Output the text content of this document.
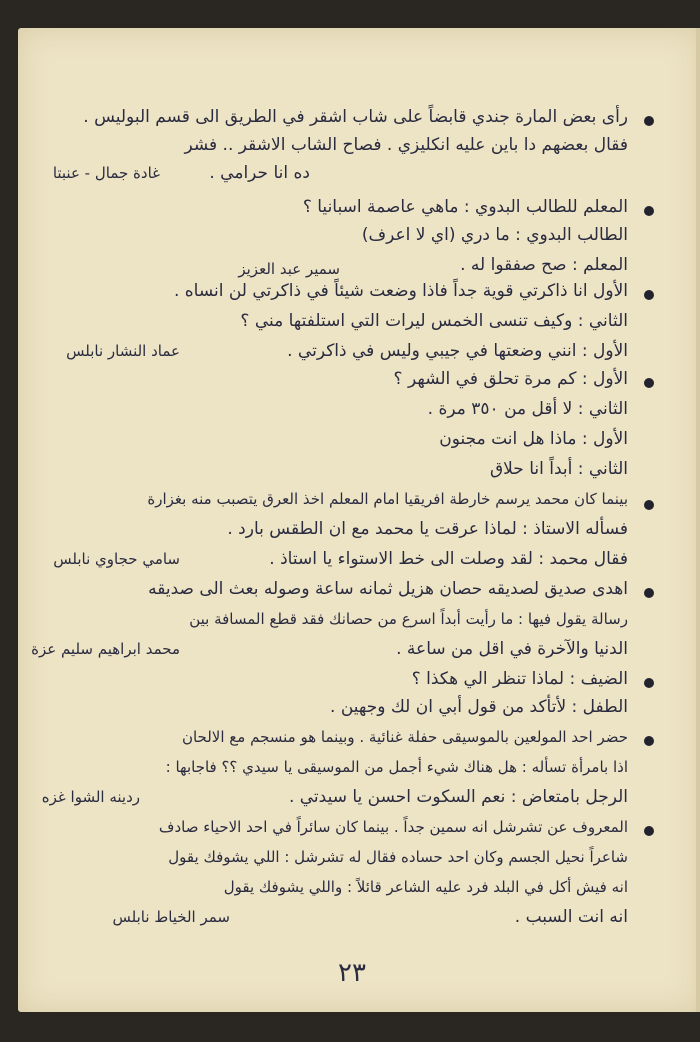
رأى بعض المارة جندي قابضاً على شاب اشقر في الطريق الى قسم البوليس .
فقال بعضهم دا باين عليه انكليزي . فصاح الشاب الاشقر .. فشر
ده انا حرامي .
غادة جمال - عنبتا
المعلم للطالب البدوي : ماهي عاصمة اسبانيا ؟
الطالب البدوي : ما دري (اي لا اعرف)
المعلم : صح صفقوا له .
سمير عبد العزيز
الأول انا ذاكرتي قوية جداً فاذا وضعت شيئاً في ذاكرتي لن انساه .
الثاني : وكيف تنسى الخمس ليرات التي استلفتها مني ؟
الأول : انني وضعتها في جيبي وليس في ذاكرتي .
عماد النشار نابلس
الأول : كم مرة تحلق في الشهر ؟
الثاني : لا أقل من ٣٥٠ مرة .
الأول : ماذا هل انت مجنون
الثاني : أبداً انا حلاق
بينما كان محمد يرسم خارطة افريقيا امام المعلم اخذ العرق يتصبب منه بغزارة
فسأله الاستاذ : لماذا عرقت يا محمد مع ان الطقس بارد .
فقال محمد : لقد وصلت الى خط الاستواء يا استاذ .
سامي حجاوي نابلس
اهدى صديق لصديقه حصان هزيل ثمانه ساعة وصوله بعث الى صديقه
رسالة يقول فيها : ما رأيت أبداً اسرع من حصانك فقد قطع المسافة بين
الدنيا والآخرة في اقل من ساعة .
محمد ابراهيم سليم عزة
الضيف : لماذا تنظر الي هكذا ؟
الطفل : لأتأكد من قول أبي ان لك وجهين .
حضر احد المولعين بالموسيقى حفلة غنائية . وبينما هو منسجم مع الالحان
اذا بامرأة تسأله : هل هناك شيء أجمل من الموسيقى يا سيدي ؟؟ فاجابها :
الرجل بامتعاض : نعم السكوت احسن يا سيدتي .
ردينه الشوا غزه
المعروف عن تشرشل انه سمين جداً . بينما كان سائراً في احد الاحياء صادف
شاعراً نحيل الجسم وكان احد حساده فقال له تشرشل : اللي يشوفك يقول
انه فيش أكل في البلد فرد عليه الشاعر قائلاً : واللي يشوفك يقول
انه انت السبب .
سمر الخياط نابلس
٢٣
